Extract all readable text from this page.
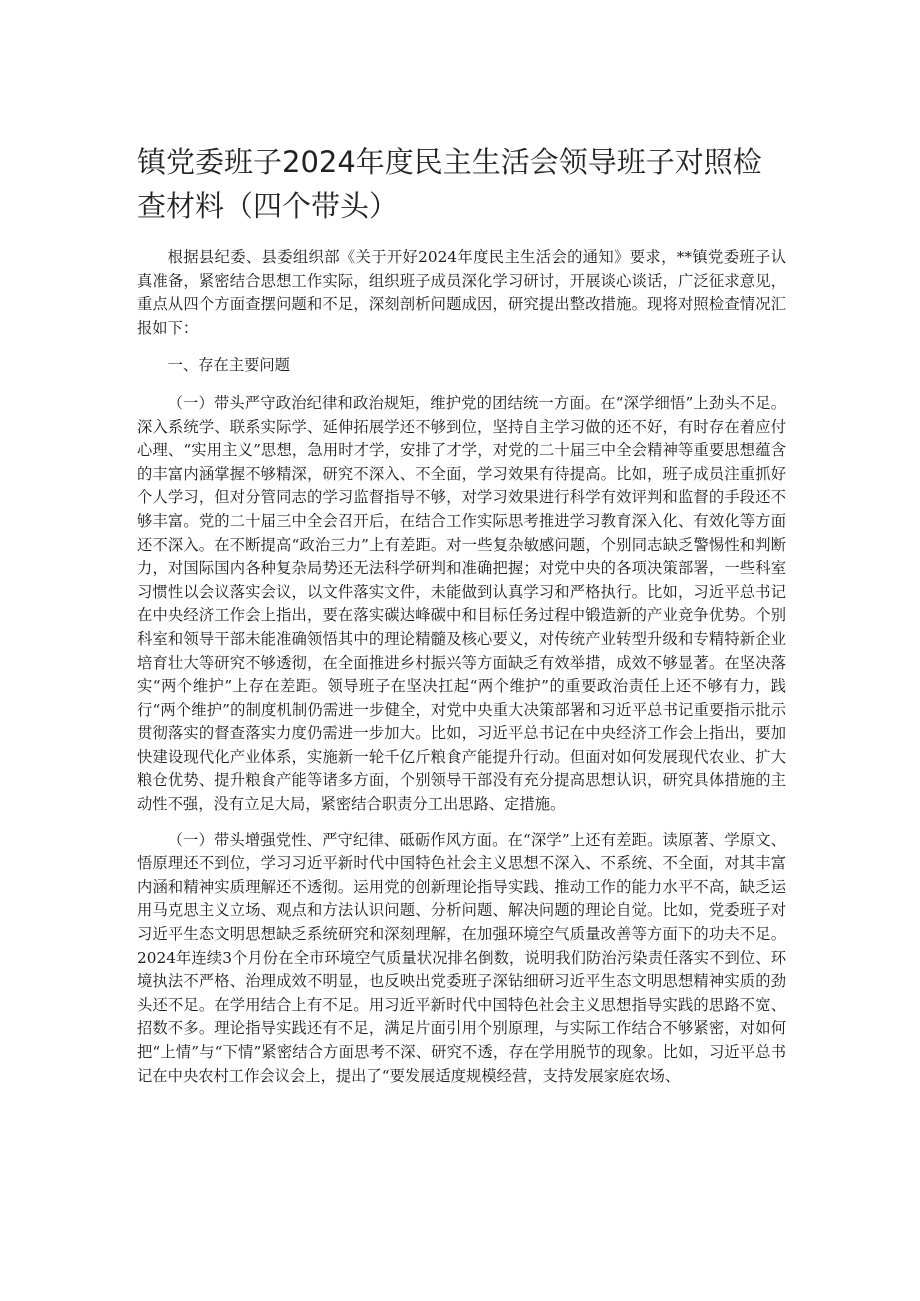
镇党委班子2024年度民主生活会领导班子对照检查材料（四个带头）

根据县纪委、县委组织部《关于开好2024年度民主生活会的通知》要求，**镇党委班子认真准备，紧密结合思想工作实际，组织班子成员深化学习研讨，开展谈心谈话，广泛征求意见，重点从四个方面查摆问题和不足，深刻剖析问题成因，研究提出整改措施。现将对照检查情况汇报如下：

一、存在主要问题

（一）带头严守政治纪律和政治规矩，维护党的团结统一方面。在“深学细悟”上劲头不足。深入系统学、联系实际学、延伸拓展学还不够到位，坚持自主学习做的还不好，有时存在着应付心理、“实用主义”思想，急用时才学，安排了才学，对党的二十届三中全会精神等重要思想蕴含的丰富内涵掌握不够精深，研究不深入、不全面，学习效果有待提高。比如，班子成员注重抓好个人学习，但对分管同志的学习监督指导不够，对学习效果进行科学有效评判和监督的手段还不够丰富。党的二十届三中全会召开后，在结合工作实际思考推进学习教育深入化、有效化等方面还不深入。在不断提高“政治三力”上有差距。对一些复杂敏感问题，个别同志缺乏警惕性和判断力，对国际国内各种复杂局势还无法科学研判和准确把握；对党中央的各项决策部署，一些科室习惯性以会议落实会议，以文件落实文件，未能做到认真学习和严格执行。比如，习近平总书记在中央经济工作会上指出，要在落实碳达峰碳中和目标任务过程中锻造新的产业竞争优势。个别科室和领导干部未能准确领悟其中的理论精髓及核心要义，对传统产业转型升级和专精特新企业培育壮大等研究不够透彻，在全面推进乡村振兴等方面缺乏有效举措，成效不够显著。在坚决落实“两个维护”上存在差距。领导班子在坚决扛起“两个维护”的重要政治责任上还不够有力，践行“两个维护”的制度机制仍需进一步健全，对党中央重大决策部署和习近平总书记重要指示批示贯彻落实的督查落实力度仍需进一步加大。比如，习近平总书记在中央经济工作会上指出，要加快建设现代化产业体系，实施新一轮千亿斤粮食产能提升行动。但面对如何发展现代农业、扩大粮仓优势、提升粮食产能等诸多方面，个别领导干部没有充分提高思想认识，研究具体措施的主动性不强，没有立足大局，紧密结合职责分工出思路、定措施。

（一）带头增强党性、严守纪律、砥砺作风方面。在“深学”上还有差距。读原著、学原文、悟原理还不到位，学习习近平新时代中国特色社会主义思想不深入、不系统、不全面，对其丰富内涵和精神实质理解还不透彻。运用党的创新理论指导实践、推动工作的能力水平不高，缺乏运用马克思主义立场、观点和方法认识问题、分析问题、解决问题的理论自觉。比如，党委班子对习近平生态文明思想缺乏系统研究和深刻理解，在加强环境空气质量改善等方面下的功夫不足。2024年连续3个月份在全市环境空气质量状况排名倒数，说明我们防治污染责任落实不到位、环境执法不严格、治理成效不明显，也反映出党委班子深钻细研习近平生态文明思想精神实质的劲头还不足。在学用结合上有不足。用习近平新时代中国特色社会主义思想指导实践的思路不宽、招数不多。理论指导实践还有不足，满足片面引用个别原理，与实际工作结合不够紧密，对如何把“上情”与“下情”紧密结合方面思考不深、研究不透，存在学用脱节的现象。比如，习近平总书记在中央农村工作会议会上，提出了“要发展适度规模经营，支持发展家庭农场、
